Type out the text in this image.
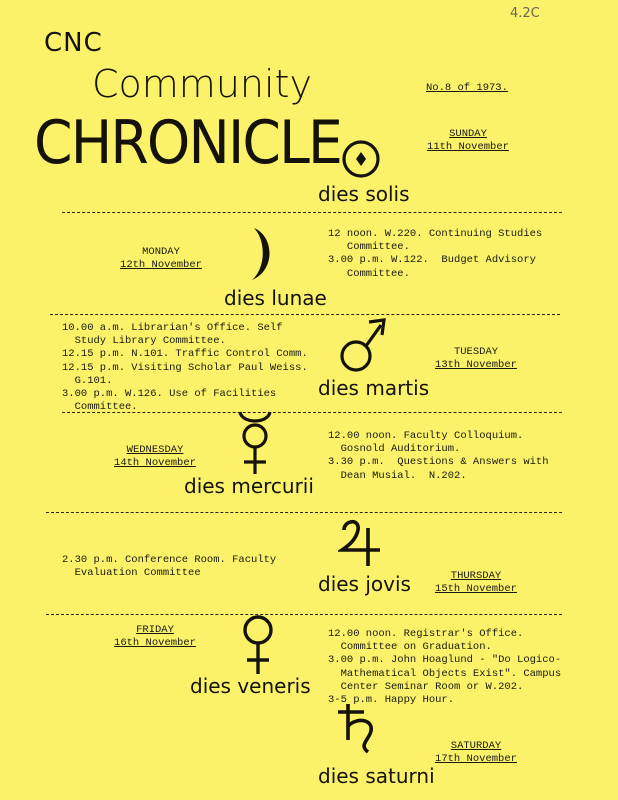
4.2C
CNC
Community
CHRONICLE
No.8 of 1973.
SUNDAY
11th November
dies solis
MONDAY
12th November
dies lunae
12 noon. W.220. Continuing Studies
Committee.
3.00 p.m. W.122.  Budget Advisory
Committee.
10.00 a.m. Librarian's Office. Self
Study Library Committee.
12.15 p.m. N.101. Traffic Control Comm.
12.15 p.m. Visiting Scholar Paul Weiss.
G.101.
3.00 p.m. W.126. Use of Facilities
Committee.
TUESDAY
13th November
dies martis
WEDNESDAY
14th November
dies mercurii
12.00 noon. Faculty Colloquium.
Gosnold Auditorium.
3.30 p.m.  Questions & Answers with
Dean Musial.  N.202.
2.30 p.m. Conference Room. Faculty
Evaluation Committee	dies jovis	THURSDAY
15th November
FRIDAY
16th November
dies veneris
12.00 noon. Registrar's Office.
Committee on Graduation.
3.00 p.m. John Hoaglund - "Do Logico-
Mathematical Objects Exist". Campus
Center Seminar Room or W.202.
3-5 p.m. Happy Hour.
SATURDAY
17th November
dies saturni
